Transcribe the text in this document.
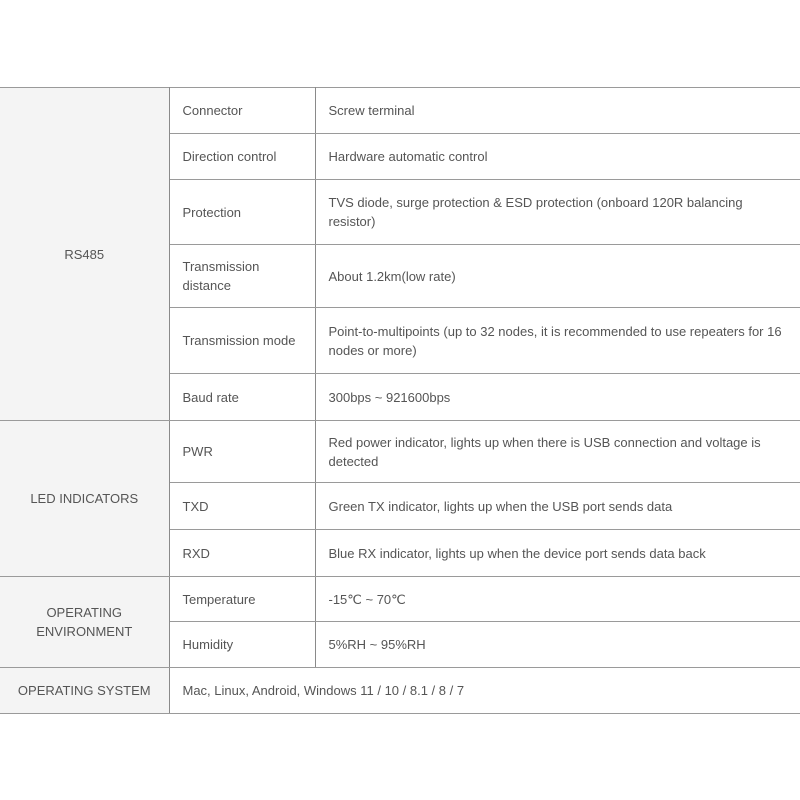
RS485	Connector	Screw terminal
	Direction control	Hardware automatic control
	Protection	TVS diode, surge protection & ESD protection (onboard 120R balancing resistor)
	Transmission distance	About 1.2km(low rate)
	Transmission mode	Point-to-multipoints (up to 32 nodes, it is recommended to use repeaters for 16 nodes or more)
	Baud rate	300bps ~ 921600bps
LED INDICATORS	PWR	Red power indicator, lights up when there is USB connection and voltage is detected
	TXD	Green TX indicator, lights up when the USB port sends data
	RXD	Blue RX indicator, lights up when the device port sends data back
OPERATING ENVIRONMENT	Temperature	-15℃ ~ 70℃
	Humidity	5%RH ~ 95%RH
OPERATING SYSTEM	Mac, Linux, Android, Windows 11 / 10 / 8.1 / 8 / 7	
